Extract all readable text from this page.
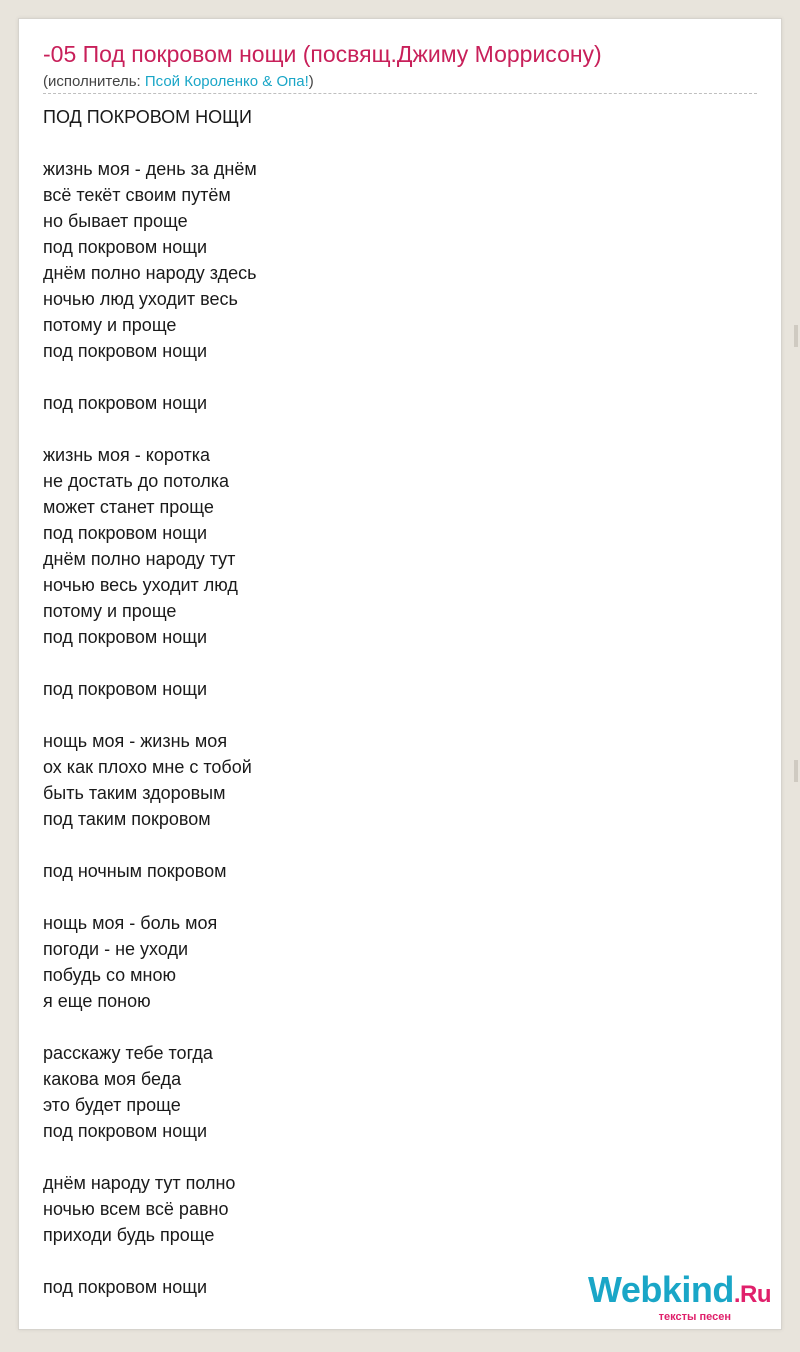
-05 Под покровом нощи (посвящ.Джиму Моррисону)
(исполнитель: Псой Короленко & Опа!)
ПОД ПОКРОВОМ НОЩИ
жизнь моя - день за днём
всё текёт своим путём
но бывает проще
под покровом нощи
днём полно народу здесь
ночью люд уходит весь
потому и проще
под покровом нощи
под покровом нощи
жизнь моя - коротка
не достать до потолка
может станет проще
под покровом нощи
днём полно народу тут
ночью весь уходит люд
потому и проще
под покровом нощи
под покровом нощи
нощь моя - жизнь моя
ох как плохо мне с тобой
быть таким здоровым
под таким покровом
под ночным покровом
нощь моя - боль моя
погоди - не уходи
побудь со мною
я еще поною
расскажу тебе тогда
какова моя беда
это будет проще
под покровом нощи
днём народу тут полно
ночью всем всё равно
приходи будь проще
под покровом нощи	Webkind.Ru
тексты песен
